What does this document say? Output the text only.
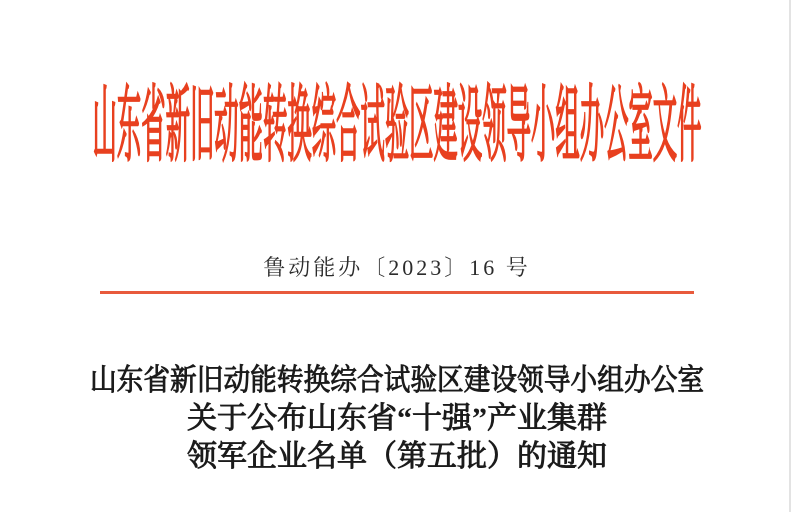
山东省新旧动能转换综合试验区建设领导小组办公室文件
鲁动能办〔2023〕16 号
山东省新旧动能转换综合试验区建设领导小组办公室
关于公布山东省“十强”产业集群
领军企业名单（第五批）的通知
